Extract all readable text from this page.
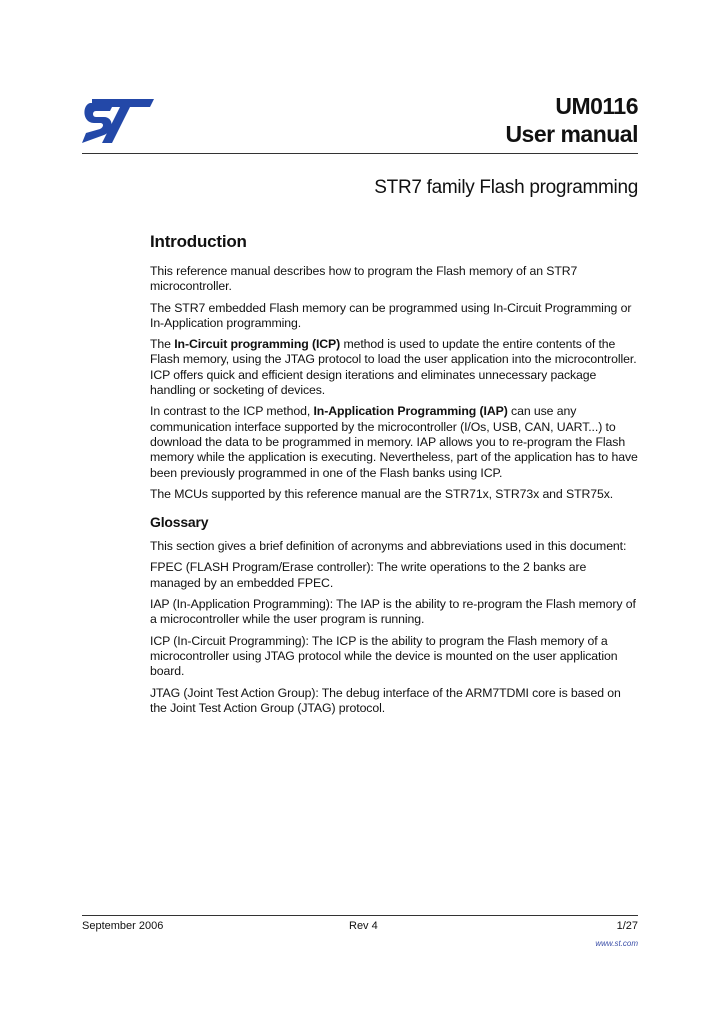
UM0116
User manual
STR7 family Flash programming
Introduction

This reference manual describes how to program the Flash memory of an STR7 microcontroller.

The STR7 embedded Flash memory can be programmed using In-Circuit Programming or In-Application programming.

The In-Circuit programming (ICP) method is used to update the entire contents of the Flash memory, using the JTAG protocol to load the user application into the microcontroller. ICP offers quick and efficient design iterations and eliminates unnecessary package handling or socketing of devices.

In contrast to the ICP method, In-Application Programming (IAP) can use any communication interface supported by the microcontroller (I/Os, USB, CAN, UART...) to download the data to be programmed in memory. IAP allows you to re-program the Flash memory while the application is executing. Nevertheless, part of the application has to have been previously programmed in one of the Flash banks using ICP.

The MCUs supported by this reference manual are the STR71x, STR73x and STR75x.

Glossary

This section gives a brief definition of acronyms and abbreviations used in this document:

FPEC (FLASH Program/Erase controller): The write operations to the 2 banks are managed by an embedded FPEC.

IAP (In-Application Programming): The IAP is the ability to re-program the Flash memory of a microcontroller while the user program is running.

ICP (In-Circuit Programming): The ICP is the ability to program the Flash memory of a microcontroller using JTAG protocol while the device is mounted on the user application board.

JTAG (Joint Test Action Group): The debug interface of the ARM7TDMI core is based on the Joint Test Action Group (JTAG) protocol.

September 2006	Rev 4	1/27
www.st.com
